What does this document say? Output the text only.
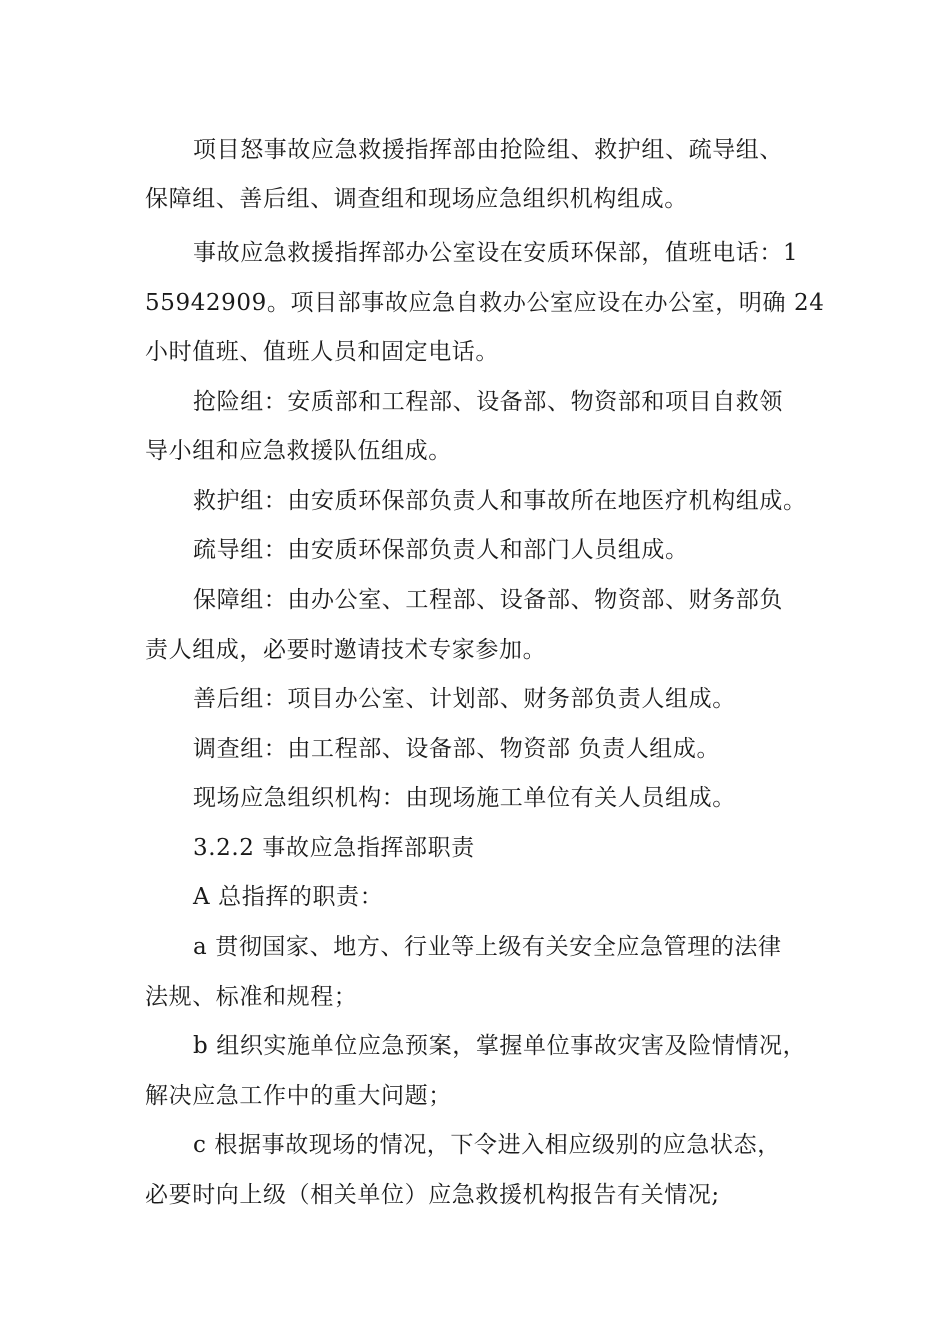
项目怒事故应急救援指挥部由抢险组、救护组、疏导组、
保障组、善后组、调查组和现场应急组织机构组成。
事故应急救援指挥部办公室设在安质环保部，值班电话：1
55942909。项目部事故应急自救办公室应设在办公室，明确 24
小时值班、值班人员和固定电话。
抢险组：安质部和工程部、设备部、物资部和项目自救领
导小组和应急救援队伍组成。
救护组：由安质环保部负责人和事故所在地医疗机构组成。
疏导组：由安质环保部负责人和部门人员组成。
保障组：由办公室、工程部、设备部、物资部、财务部负
责人组成，必要时邀请技术专家参加。
善后组：项目办公室、计划部、财务部负责人组成。
调查组：由工程部、设备部、物资部 负责人组成。
现场应急组织机构：由现场施工单位有关人员组成。
3.2.2 事故应急指挥部职责
A 总指挥的职责：
a 贯彻国家、地方、行业等上级有关安全应急管理的法律
法规、标准和规程；
b 组织实施单位应急预案，掌握单位事故灾害及险情情况，
解决应急工作中的重大问题；
c 根据事故现场的情况，下令进入相应级别的应急状态，
必要时向上级（相关单位）应急救援机构报告有关情况;
